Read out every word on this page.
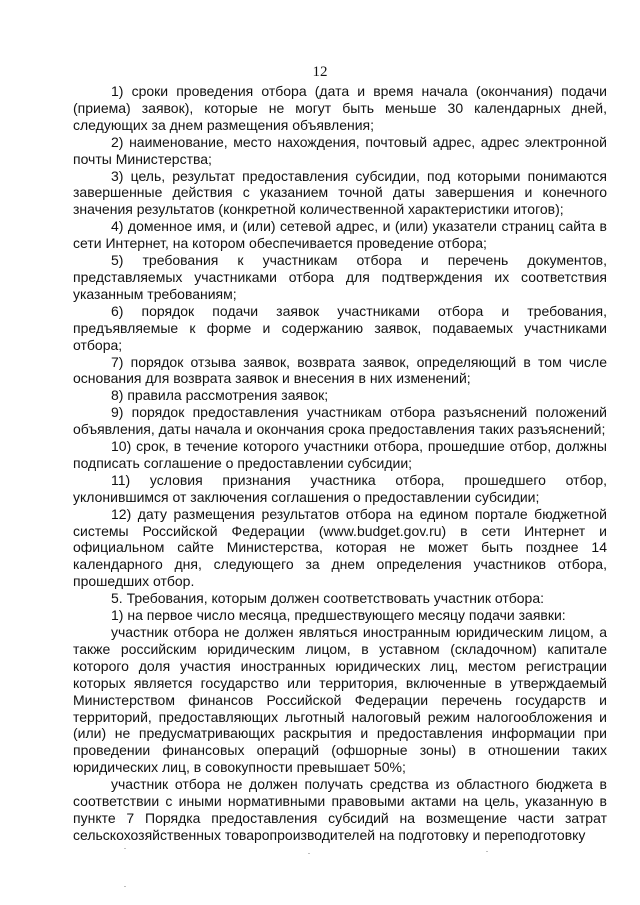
12

1) сроки проведения отбора (дата и время начала (окончания) подачи (приема) заявок), которые не могут быть меньше 30 календарных дней, следующих за днем размещения объявления;

2) наименование, место нахождения, почтовый адрес, адрес электронной почты Министерства;

3) цель, результат предоставления субсидии, под которыми понимаются завершенные действия с указанием точной даты завершения и конечного значения результатов (конкретной количественной характеристики итогов);

4) доменное имя, и (или) сетевой адрес, и (или) указатели страниц сайта в сети Интернет, на котором обеспечивается проведение отбора;

5) требования к участникам отбора и перечень документов, представляемых участниками отбора для подтверждения их соответствия указанным требованиям;

6) порядок подачи заявок участниками отбора и требования, предъявляемые к форме и содержанию заявок, подаваемых участниками отбора;

7) порядок отзыва заявок, возврата заявок, определяющий в том числе основания для возврата заявок и внесения в них изменений;

8) правила рассмотрения заявок;

9) порядок предоставления участникам отбора разъяснений положений объявления, даты начала и окончания срока предоставления таких разъяснений;

10) срок, в течение которого участники отбора, прошедшие отбор, должны подписать соглашение о предоставлении субсидии;

11) условия признания участника отбора, прошедшего отбор, уклонившимся от заключения соглашения о предоставлении субсидии;

12) дату размещения результатов отбора на едином портале бюджетной системы Российской Федерации (www.budget.gov.ru) в сети Интернет и официальном сайте Министерства, которая не может быть позднее 14 календарного дня, следующего за днем определения участников отбора, прошедших отбор.

5. Требования, которым должен соответствовать участник отбора:

1) на первое число месяца, предшествующего месяцу подачи заявки:

участник отбора не должен являться иностранным юридическим лицом, а также российским юридическим лицом, в уставном (складочном) капитале которого доля участия иностранных юридических лиц, местом регистрации которых является государство или территория, включенные в утверждаемый Министерством финансов Российской Федерации перечень государств и территорий, предоставляющих льготный налоговый режим налогообложения и (или) не предусматривающих раскрытия и предоставления информации при проведении финансовых операций (офшорные зоны) в отношении таких юридических лиц, в совокупности превышает 50%;

участник отбора не должен получать средства из областного бюджета в соответствии с иными нормативными правовыми актами на цель, указанную в пункте 7 Порядка предоставления субсидий на возмещение части затрат сельскохозяйственных товаропроизводителей на подготовку и переподготовку
